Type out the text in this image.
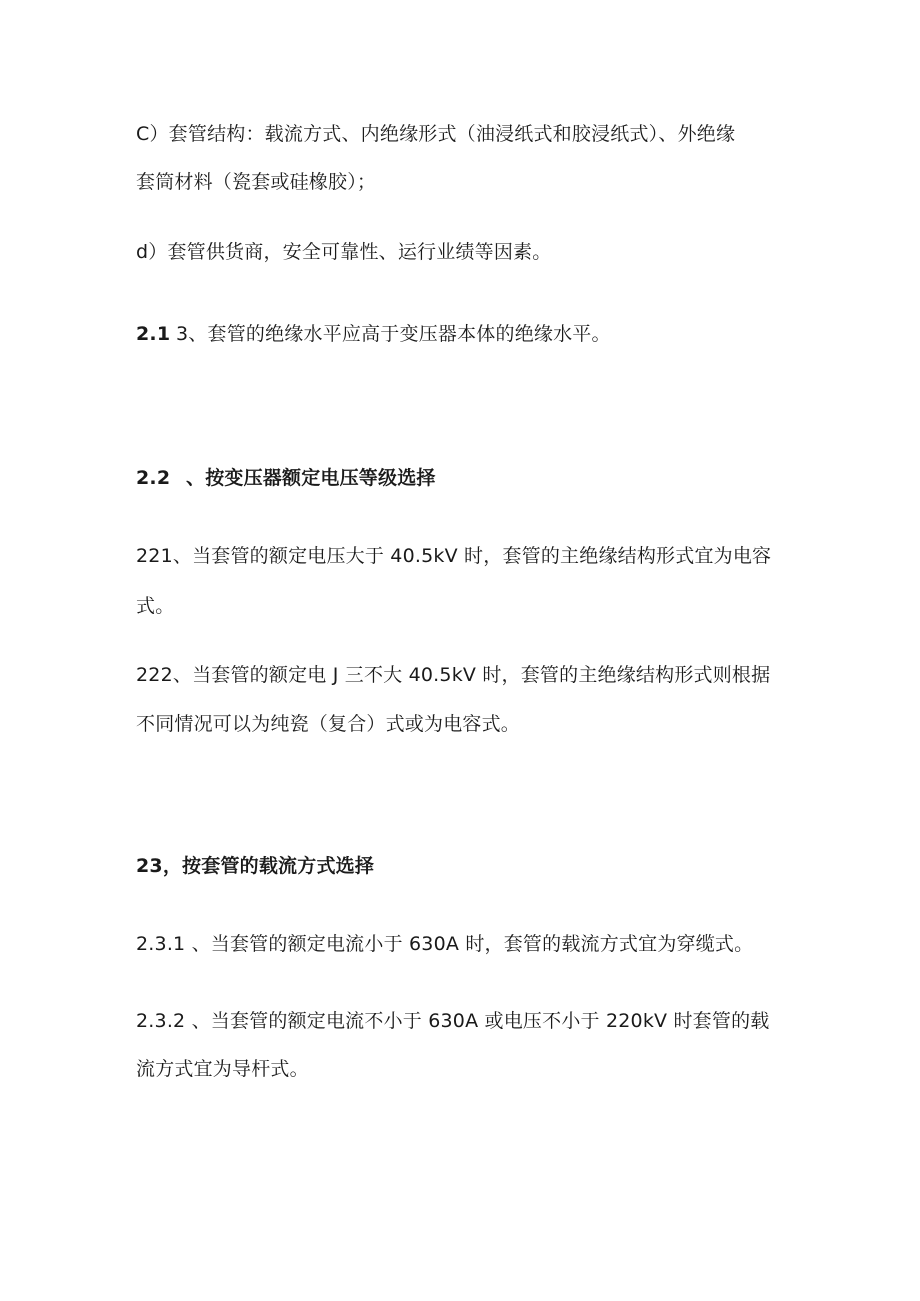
C）套管结构：载流方式、内绝缘形式（油浸纸式和胶浸纸式）、外绝缘
套筒材料（瓷套或硅橡胶）；
d）套管供货商，安全可靠性、运行业绩等因素。
2.1 3、套管的绝缘水平应高于变压器本体的绝缘水平。
2.2 、按变压器额定电压等级选择
221、当套管的额定电压大于 40.5kV 时，套管的主绝缘结构形式宜为电容
式。
222、当套管的额定电 J 三不大 40.5kV 时，套管的主绝缘结构形式则根据
不同情况可以为纯瓷（复合）式或为电容式。
23，按套管的载流方式选择
2.3.1 、当套管的额定电流小于 630A 时，套管的载流方式宜为穿缆式。
2.3.2 、当套管的额定电流不小于 630A 或电压不小于 220kV 时套管的载
流方式宜为导杆式。
